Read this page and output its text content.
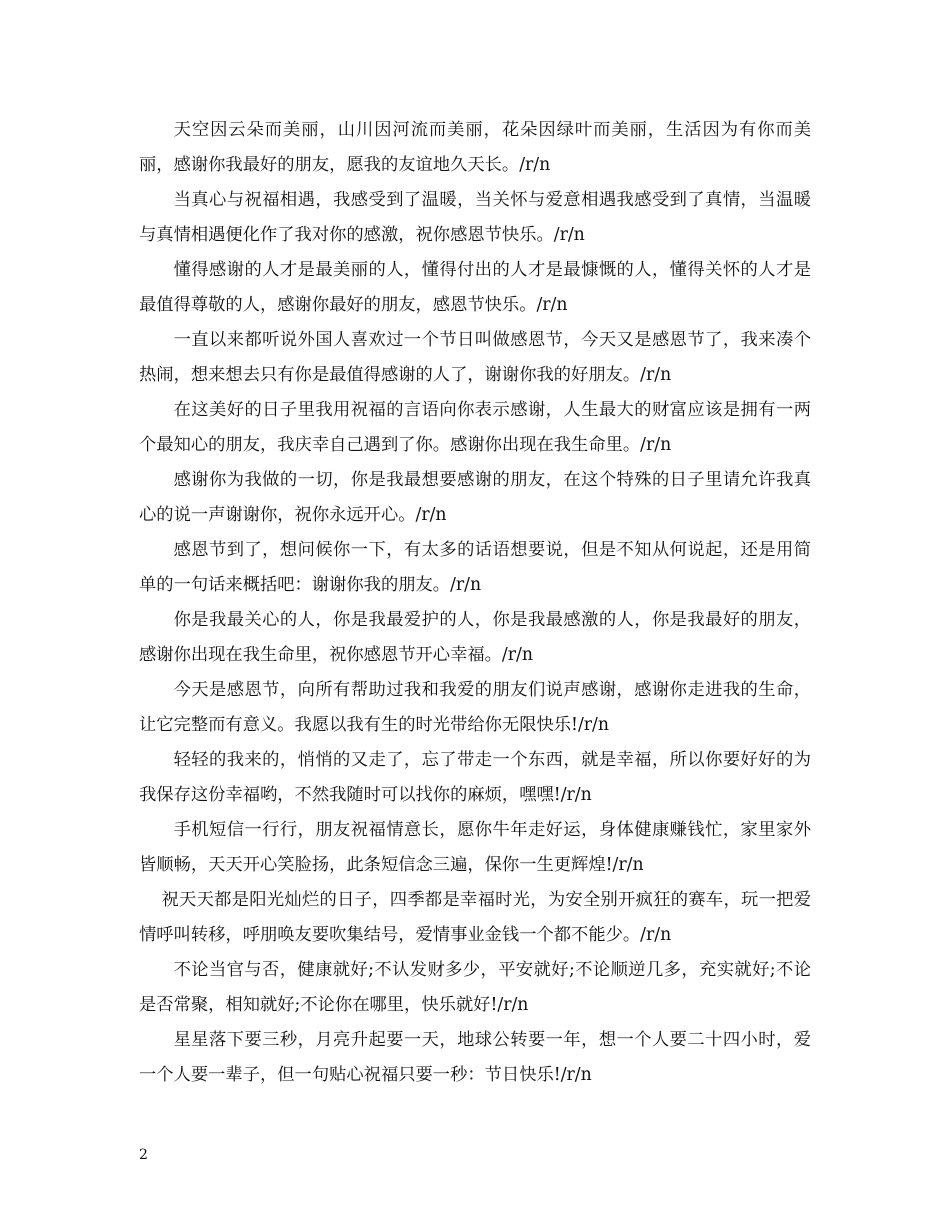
天空因云朵而美丽，山川因河流而美丽，花朵因绿叶而美丽，生活因为有你而美丽，感谢你我最好的朋友，愿我的友谊地久天长。/r/n

当真心与祝福相遇，我感受到了温暖，当关怀与爱意相遇我感受到了真情，当温暖与真情相遇便化作了我对你的感激，祝你感恩节快乐。/r/n

懂得感谢的人才是最美丽的人，懂得付出的人才是最慷慨的人，懂得关怀的人才是最值得尊敬的人，感谢你最好的朋友，感恩节快乐。/r/n

一直以来都听说外国人喜欢过一个节日叫做感恩节，今天又是感恩节了，我来凑个热闹，想来想去只有你是最值得感谢的人了，谢谢你我的好朋友。/r/n

在这美好的日子里我用祝福的言语向你表示感谢，人生最大的财富应该是拥有一两个最知心的朋友，我庆幸自己遇到了你。感谢你出现在我生命里。/r/n

感谢你为我做的一切，你是我最想要感谢的朋友，在这个特殊的日子里请允许我真心的说一声谢谢你，祝你永远开心。/r/n

感恩节到了，想问候你一下，有太多的话语想要说，但是不知从何说起，还是用简单的一句话来概括吧：谢谢你我的朋友。/r/n

你是我最关心的人，你是我最爱护的人，你是我最感激的人，你是我最好的朋友，感谢你出现在我生命里，祝你感恩节开心幸福。/r/n

今天是感恩节，向所有帮助过我和我爱的朋友们说声感谢，感谢你走进我的生命，让它完整而有意义。我愿以我有生的时光带给你无限快乐!/r/n

轻轻的我来的，悄悄的又走了，忘了带走一个东西，就是幸福，所以你要好好的为我保存这份幸福哟，不然我随时可以找你的麻烦，嘿嘿!/r/n

手机短信一行行，朋友祝福情意长，愿你牛年走好运，身体健康赚钱忙，家里家外皆顺畅，天天开心笑脸扬，此条短信念三遍，保你一生更辉煌!/r/n

祝天天都是阳光灿烂的日子，四季都是幸福时光，为安全别开疯狂的赛车，玩一把爱情呼叫转移，呼朋唤友要吹集结号，爱情事业金钱一个都不能少。/r/n

不论当官与否，健康就好;不认发财多少，平安就好;不论顺逆几多，充实就好;不论是否常聚，相知就好;不论你在哪里，快乐就好!/r/n

星星落下要三秒，月亮升起要一天，地球公转要一年，想一个人要二十四小时，爱一个人要一辈子，但一句贴心祝福只要一秒：节日快乐!/r/n

2
